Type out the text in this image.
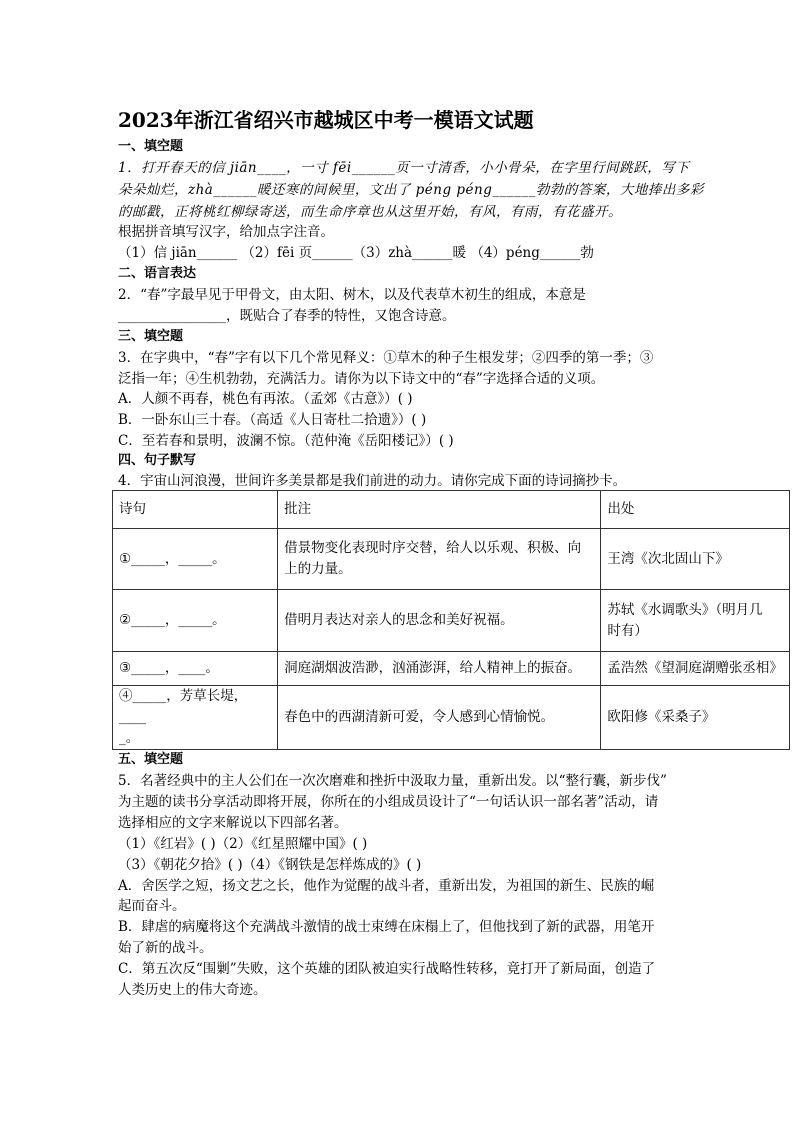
2023年浙江省绍兴市越城区中考一模语文试题
一、填空题
1．打开春天的信 jiān____，一寸 fēi______页一寸清香，小小骨朵，在字里行间跳跃，写下
朵朵灿烂，zhà______暖还寒的间候里，文出了 péng péng______勃勃的答案，大地捧出多彩
的邮戳，正将桃红柳绿寄送，而生命序章也从这里开始，有风，有雨，有花盛开。
根据拼音填写汉字，给加点字注音。
（1）信 jiān______ （2）fēi 页______（3）zhà______暖 （4）péng______勃
二、语言表达
2．“春”字最早见于甲骨文，由太阳、树木，以及代表草木初生的组成，本意是
________________，既贴合了春季的特性，又饱含诗意。
三、填空题
3．在字典中，“春”字有以下几个常见释义：①草木的种子生根发芽；②四季的第一季；③
泛指一年；④生机勃勃，充满活力。请你为以下诗文中的“春”字选择合适的义项。
A．人颜不再春，桃色有再浓。（孟郊《古意》）( )
B．一卧东山三十春。（高适《人日寄杜二拾遗》）( )
C．至若春和景明，波澜不惊。（范仲淹《岳阳楼记》）( )
四、句子默写
4．宇宙山河浪漫，世间许多美景都是我们前进的动力。请你完成下面的诗词摘抄卡。
诗句	批注	出处

①_____，_____。	借景物变化表现时序交替，给人以乐观、积极、向
上的力量。	王湾《次北固山下》

②_____，_____。	借明月表达对亲人的思念和美好祝福。	苏轼《水调歌头》（明月几
时有）

③_____，____。	洞庭湖烟波浩渺，汹涌澎湃，给人精神上的振奋。	孟浩然《望洞庭湖赠张丞相》

④_____，芳草长堤，____
_。	春色中的西湖清新可爱，令人感到心情愉悦。	欧阳修《采桑子》
五、填空题
5．名著经典中的主人公们在一次次磨难和挫折中汲取力量，重新出发。以“整行囊，新步伐”
为主题的读书分享活动即将开展，你所在的小组成员设计了“一句话认识一部名著”活动，请
选择相应的文字来解说以下四部名著。
（1）《红岩》( )（2）《红星照耀中国》( )
（3）《朝花夕拾》( )（4）《钢铁是怎样炼成的》( )
A．舍医学之短，扬文艺之长，他作为觉醒的战斗者，重新出发，为祖国的新生、民族的崛
起而奋斗。
B．肆虐的病魔将这个充满战斗激情的战士束缚在床榻上了，但他找到了新的武器，用笔开
始了新的战斗。
C．第五次反“围剿”失败，这个英雄的团队被迫实行战略性转移，竟打开了新局面，创造了
人类历史上的伟大奇迹。
